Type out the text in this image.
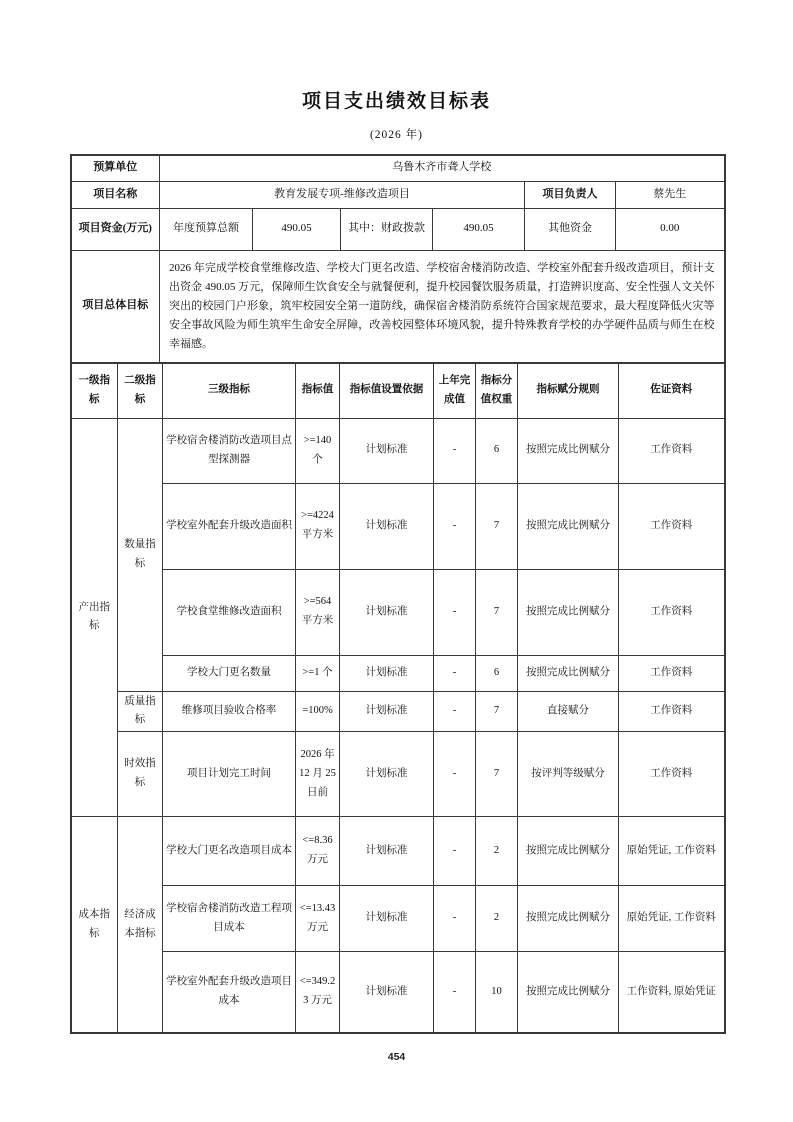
项目支出绩效目标表
(2026 年)
预算单位	乌鲁木齐市聋人学校					
项目名称	教育发展专项-维修改造项目				项目负责人	蔡先生
项目资金(万元)	年度预算总额	490.05	其中：财政拨款	490.05	其他资金	0.00
项目总体目标	2026 年完成学校食堂维修改造、学校大门更名改造、学校宿舍楼消防改造、学校室外配套升级改造项目，预计支出资金 490.05 万元，保障师生饮食安全与就餐便利，提升校园餐饮服务质量，打造辨识度高、安全性强人文关怀突出的校园门户形象，筑牢校园安全第一道防线，确保宿舍楼消防系统符合国家规范要求，最大程度降低火灾等安全事故风险为师生筑牢生命安全屏障，改善校园整体环境风貌，提升特殊教育学校的办学硬件品质与师生在校幸福感。					
一级指标	二级指标	三级指标	指标值	指标值设置依据	上年完成值	指标分值权重	指标赋分规则	佐证资料
产出指标	数量指标	学校宿舍楼消防改造项目点型探测器	>=140 个	计划标准	-	6	按照完成比例赋分	工作资料
		学校室外配套升级改造面积	>=4224 平方米	计划标准	-	7	按照完成比例赋分	工作资料
		学校食堂维修改造面积	>=564 平方米	计划标准	-	7	按照完成比例赋分	工作资料
		学校大门更名数量	>=1 个	计划标准	-	6	按照完成比例赋分	工作资料
	质量指标	维修项目验收合格率	=100%	计划标准	-	7	直接赋分	工作资料
	时效指标	项目计划完工时间	2026 年 12 月 25 日前	计划标准	-	7	按评判等级赋分	工作资料
成本指标	经济成本指标	学校大门更名改造项目成本	<=8.36 万元	计划标准	-	2	按照完成比例赋分	原始凭证, 工作资料
		学校宿舍楼消防改造工程项目成本	<=13.43 万元	计划标准	-	2	按照完成比例赋分	原始凭证, 工作资料
		学校室外配套升级改造项目成本	<=349.23 万元	计划标准	-	10	按照完成比例赋分	工作资料, 原始凭证
454
